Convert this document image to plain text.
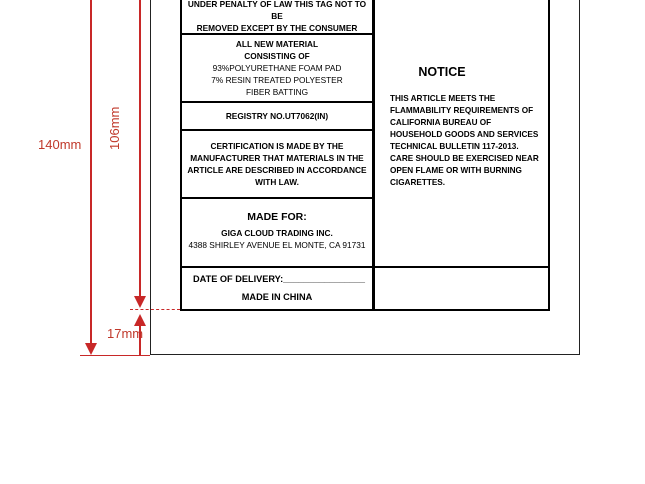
UNDER PENALTY OF LAW THIS TAG NOT TO BE
REMOVED EXCEPT BY THE CONSUMER
ALL NEW MATERIAL
CONSISTING OF
93%POLYURETHANE FOAM PAD
7% RESIN TREATED POLYESTER
FIBER BATTING
REGISTRY NO.UT7062(IN)
CERTIFICATION IS MADE BY THE
MANUFACTURER THAT MATERIALS IN THE
ARTICLE ARE DESCRIBED IN ACCORDANCE
WITH LAW.
MADE FOR:
GIGA CLOUD TRADING INC.
4388 SHIRLEY AVENUE EL MONTE, CA 91731
DATE OF DELIVERY:________________
MADE IN CHINA
NOTICE
THIS ARTICLE MEETS THE
FLAMMABILITY REQUIREMENTS OF
CALIFORNIA BUREAU OF
HOUSEHOLD GOODS AND SERVICES
TECHNICAL BULLETIN 117-2013.
CARE SHOULD BE EXERCISED NEAR
OPEN FLAME OR WITH BURNING
CIGARETTES.
140mm 106mm
17mm
